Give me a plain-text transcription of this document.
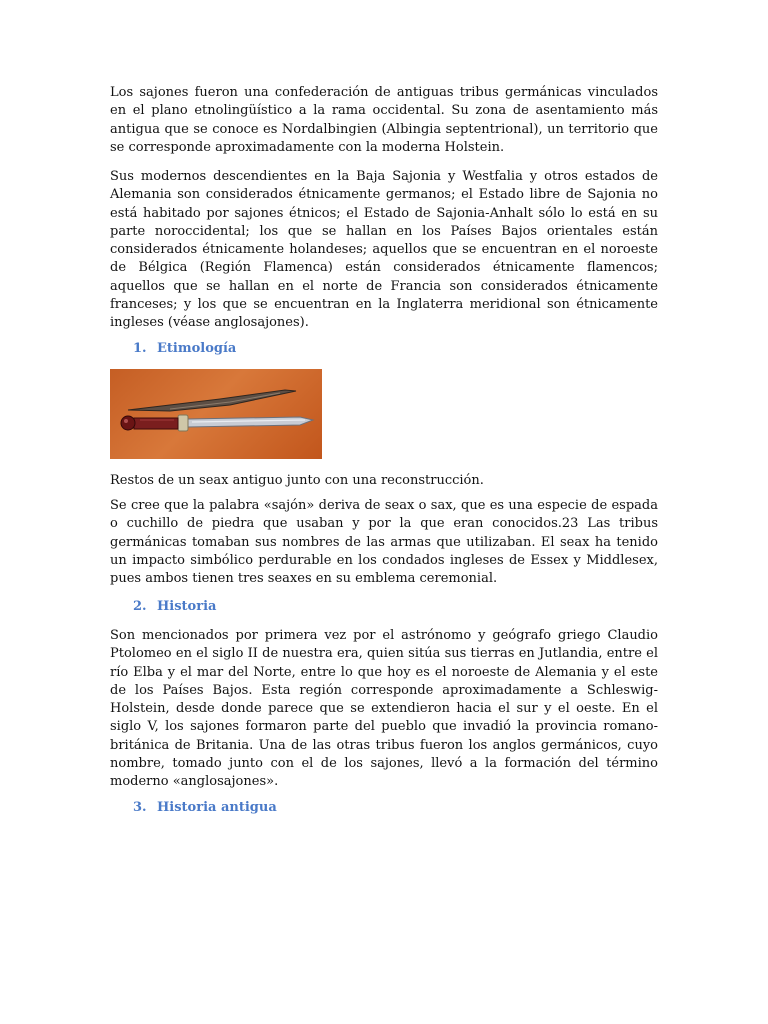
Los sajones fueron una confederación de antiguas tribus germánicas vinculados en el plano etnolingüístico a la rama occidental. Su zona de asentamiento más antigua que se conoce es Nordalbingien (Albingia septentrional), un territorio que se corresponde aproximadamente con la moderna Holstein.

Sus modernos descendientes en la Baja Sajonia y Westfalia y otros estados de Alemania son considerados étnicamente germanos; el Estado libre de Sajonia no está habitado por sajones étnicos; el Estado de Sajonia-Anhalt sólo lo está en su parte noroccidental; los que se hallan en los Países Bajos orientales están considerados étnicamente holandeses; aquellos que se encuentran en el noroeste de Bélgica (Región Flamenca) están considerados étnicamente flamencos; aquellos que se hallan en el norte de Francia son considerados étnicamente franceses; y los que se encuentran en la Inglaterra meridional son étnicamente ingleses (véase anglosajones).

1. Etimología

Restos de un seax antiguo junto con una reconstrucción.

Se cree que la palabra «sajón» deriva de seax o sax, que es una especie de espada o cuchillo de piedra que usaban y por la que eran conocidos.23 Las tribus germánicas tomaban sus nombres de las armas que utilizaban. El seax ha tenido un impacto simbólico perdurable en los condados ingleses de Essex y Middlesex, pues ambos tienen tres seaxes en su emblema ceremonial.

2. Historia

Son mencionados por primera vez por el astrónomo y geógrafo griego Claudio Ptolomeo en el siglo II de nuestra era, quien sitúa sus tierras en Jutlandia, entre el río Elba y el mar del Norte, entre lo que hoy es el noroeste de Alemania y el este de los Países Bajos. Esta región corresponde aproximadamente a Schleswig-Holstein, desde donde parece que se extendieron hacia el sur y el oeste. En el siglo V, los sajones formaron parte del pueblo que invadió la provincia romano-británica de Britania. Una de las otras tribus fueron los anglos germánicos, cuyo nombre, tomado junto con el de los sajones, llevó a la formación del término moderno «anglosajones».

3. Historia antigua
